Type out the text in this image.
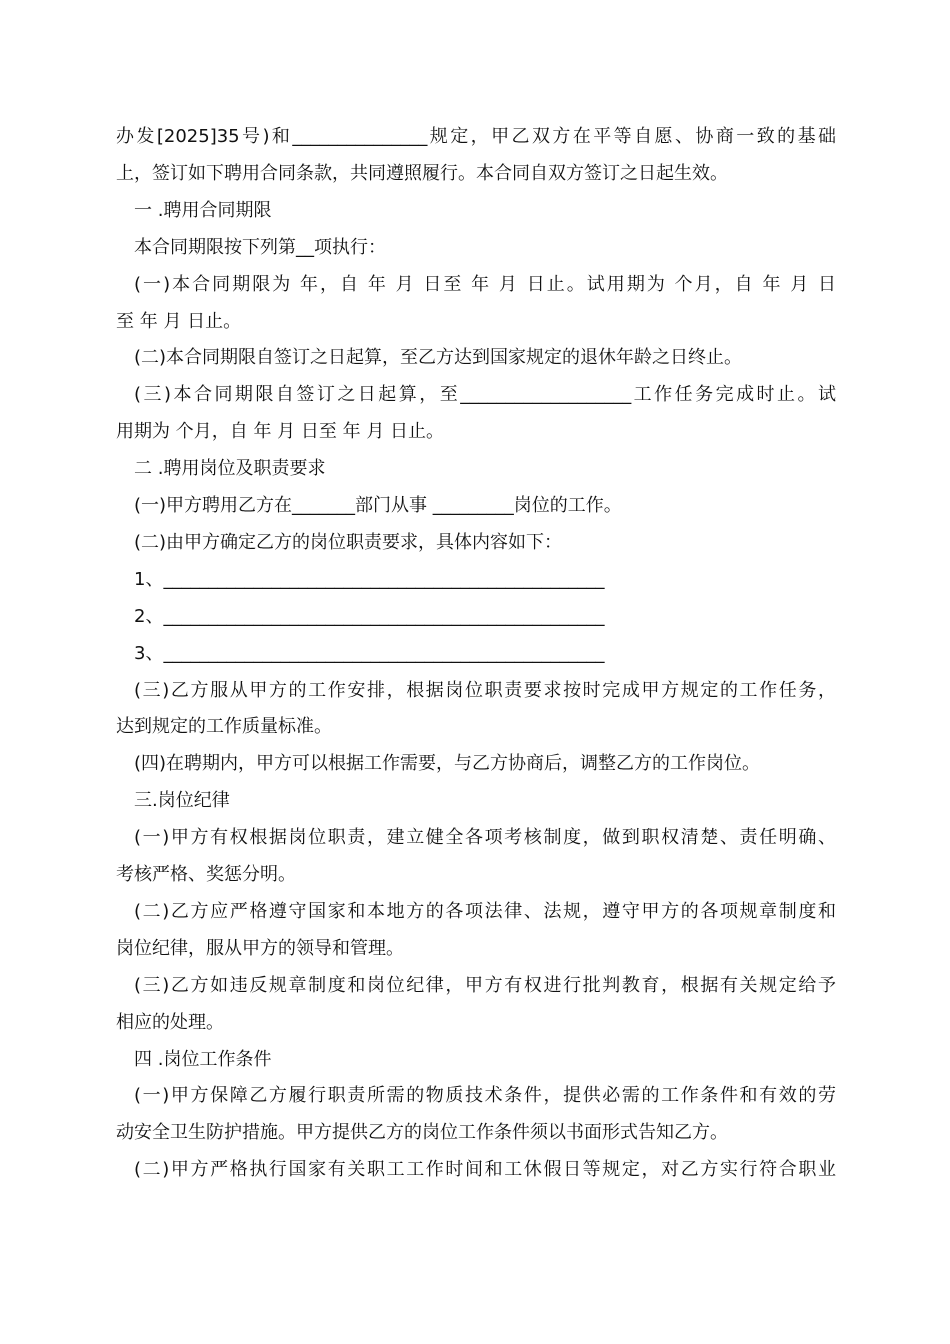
办发[2025]35号)和_______________规定，甲乙双方在平等自愿、协商一致的基础
上，签订如下聘用合同条款，共同遵照履行。本合同自双方签订之日起生效。
一 .聘用合同期限
本合同期限按下列第__项执行：
(一)本合同期限为 年，自 年 月 日至 年 月 日止。试用期为 个月，自 年 月 日
至 年 月 日止。
(二)本合同期限自签订之日起算，至乙方达到国家规定的退休年龄之日终止。
(三)本合同期限自签订之日起算，至___________________工作任务完成时止。试
用期为 个月，自 年 月 日至 年 月 日止。
二 .聘用岗位及职责要求
(一)甲方聘用乙方在_______部门从事 _________岗位的工作。
(二)由甲方确定乙方的岗位职责要求，具体内容如下：
1、_________________________________________________
2、_________________________________________________
3、_________________________________________________
(三)乙方服从甲方的工作安排，根据岗位职责要求按时完成甲方规定的工作任务，
达到规定的工作质量标准。
(四)在聘期内，甲方可以根据工作需要，与乙方协商后，调整乙方的工作岗位。
三.岗位纪律
(一)甲方有权根据岗位职责，建立健全各项考核制度，做到职权清楚、责任明确、
考核严格、奖惩分明。
(二)乙方应严格遵守国家和本地方的各项法律、法规，遵守甲方的各项规章制度和
岗位纪律，服从甲方的领导和管理。
(三)乙方如违反规章制度和岗位纪律，甲方有权进行批判教育，根据有关规定给予
相应的处理。
四 .岗位工作条件
(一)甲方保障乙方履行职责所需的物质技术条件，提供必需的工作条件和有效的劳
动安全卫生防护措施。甲方提供乙方的岗位工作条件须以书面形式告知乙方。
(二)甲方严格执行国家有关职工工作时间和工休假日等规定，对乙方实行符合职业
